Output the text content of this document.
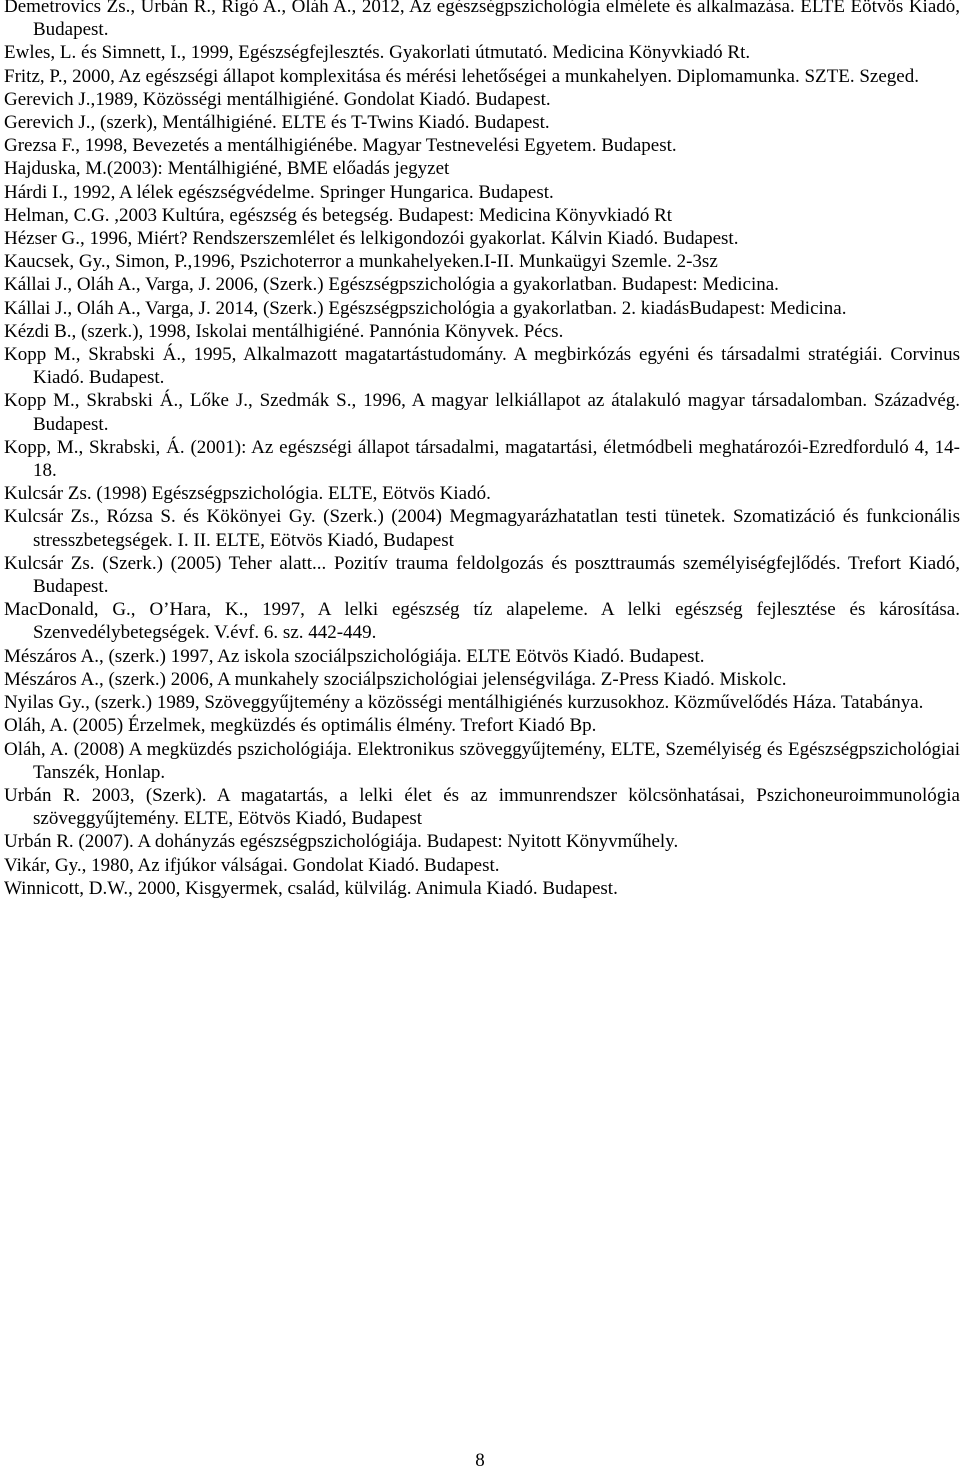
Demetrovics Zs., Urbán R., Rigó A., Oláh A., 2012, Az egészségpszichológia elmélete és alkalmazása. ELTE Eötvös Kiadó, Budapest.
Ewles, L. és Simnett, I., 1999, Egészségfejlesztés. Gyakorlati útmutató. Medicina Könyvkiadó Rt.
Fritz, P., 2000, Az egészségi állapot komplexitása és mérési lehetőségei a munkahelyen. Diplomamunka. SZTE. Szeged.
Gerevich J.,1989, Közösségi mentálhigiéné. Gondolat Kiadó. Budapest.
Gerevich J., (szerk), Mentálhigiéné. ELTE és T-Twins Kiadó. Budapest.
Grezsa F., 1998, Bevezetés a mentálhigiénébe. Magyar Testnevelési Egyetem. Budapest.
Hajduska, M.(2003): Mentálhigiéné, BME előadás jegyzet
Hárdi I., 1992, A lélek egészségvédelme. Springer Hungarica. Budapest.
Helman, C.G. ,2003 Kultúra, egészség és betegség. Budapest: Medicina Könyvkiadó Rt
Hézser G., 1996, Miért? Rendszerszemlélet és lelkigondozói gyakorlat. Kálvin Kiadó. Budapest.
Kaucsek, Gy., Simon, P.,1996, Pszichoterror a munkahelyeken.I-II. Munkaügyi Szemle. 2-3sz
Kállai J., Oláh A., Varga, J. 2006, (Szerk.) Egészségpszichológia a gyakorlatban. Budapest: Medicina.
Kállai J., Oláh A., Varga, J. 2014, (Szerk.) Egészségpszichológia a gyakorlatban. 2. kiadásBudapest: Medicina.
Kézdi B., (szerk.), 1998, Iskolai mentálhigiéné. Pannónia Könyvek. Pécs.
Kopp M., Skrabski Á., 1995, Alkalmazott magatartástudomány. A megbirkózás egyéni és társadalmi stratégiái. Corvinus Kiadó. Budapest.
Kopp M., Skrabski Á., Lőke J., Szedmák S., 1996, A magyar lelkiállapot az átalakuló magyar társadalomban. Századvég. Budapest.
Kopp, M., Skrabski, Á. (2001): Az egészségi állapot társadalmi, magatartási, életmódbeli meghatározói-Ezredforduló 4, 14-18.
Kulcsár Zs. (1998) Egészségpszichológia. ELTE, Eötvös Kiadó.
Kulcsár Zs., Rózsa S. és Kökönyei Gy. (Szerk.) (2004) Megmagyarázhatatlan testi tünetek. Szomatizáció és funkcionális stresszbetegségek. I. II. ELTE, Eötvös Kiadó, Budapest
Kulcsár Zs. (Szerk.) (2005) Teher alatt... Pozitív trauma feldolgozás és poszttraumás személyiségfejlődés. Trefort Kiadó, Budapest.
MacDonald, G., O’Hara, K., 1997, A lelki egészség tíz alapeleme. A lelki egészség fejlesztése és károsítása. Szenvedélybetegségek. V.évf. 6. sz. 442-449.
Mészáros A., (szerk.) 1997, Az iskola szociálpszichológiája. ELTE Eötvös Kiadó. Budapest.
Mészáros A., (szerk.) 2006, A munkahely szociálpszichológiai jelenségvilága. Z-Press Kiadó. Miskolc.
Nyilas Gy., (szerk.) 1989, Szöveggyűjtemény a közösségi mentálhigiénés kurzusokhoz. Közművelődés Háza. Tatabánya.
Oláh, A. (2005) Érzelmek, megküzdés és optimális élmény. Trefort Kiadó Bp.
Oláh, A. (2008) A megküzdés pszichológiája. Elektronikus szöveggyűjtemény, ELTE, Személyiség és Egészségpszichológiai Tanszék, Honlap.
Urbán R. 2003, (Szerk). A magatartás, a lelki élet és az immunrendszer kölcsönhatásai, Pszichoneuroimmunológia szöveggyűjtemény. ELTE, Eötvös Kiadó, Budapest
Urbán R. (2007). A dohányzás egészségpszichológiája. Budapest: Nyitott Könyvműhely.
Vikár, Gy., 1980, Az ifjúkor válságai. Gondolat Kiadó. Budapest.
Winnicott, D.W., 2000, Kisgyermek, család, külvilág. Animula Kiadó. Budapest.
8
